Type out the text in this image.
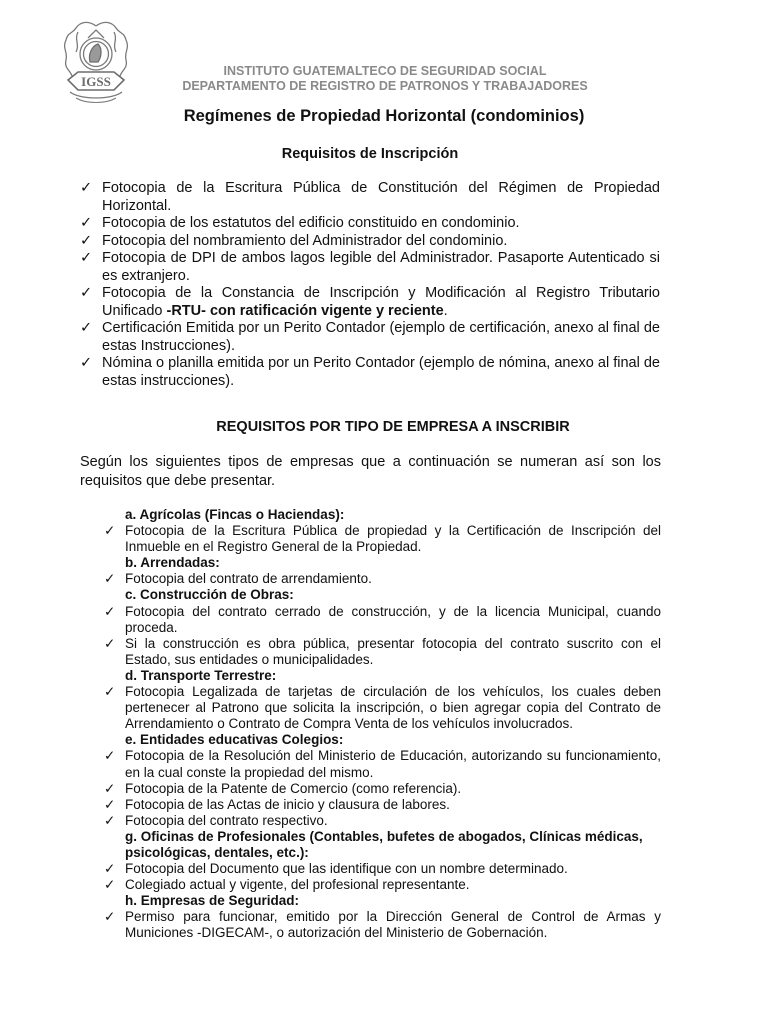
IGSS
INSTITUTO GUATEMALTECO DE SEGURIDAD SOCIAL
DEPARTAMENTO DE REGISTRO DE PATRONOS Y TRABAJADORES
Regímenes de Propiedad Horizontal (condominios)
Requisitos de Inscripción
✓ Fotocopia de la Escritura Pública de Constitución del Régimen de Propiedad Horizontal.
✓ Fotocopia de los estatutos del edificio constituido en condominio.
✓ Fotocopia del nombramiento del Administrador del condominio.
✓ Fotocopia de DPI de ambos lagos legible del Administrador. Pasaporte Autenticado si es extranjero.
✓ Fotocopia de la Constancia de Inscripción y Modificación al Registro Tributario Unificado -RTU- con ratificación vigente y reciente.
✓ Certificación Emitida por un Perito Contador (ejemplo de certificación, anexo al final de estas Instrucciones).
✓ Nómina o planilla emitida por un Perito Contador (ejemplo de nómina, anexo al final de estas instrucciones).
REQUISITOS POR TIPO DE EMPRESA A INSCRIBIR

Según los siguientes tipos de empresas que a continuación se numeran así son los requisitos que debe presentar.

a. Agrícolas (Fincas o Haciendas):
✓ Fotocopia de la Escritura Pública de propiedad y la Certificación de Inscripción del Inmueble en el Registro General de la Propiedad.
b. Arrendadas:
✓ Fotocopia del contrato de arrendamiento.
c. Construcción de Obras:
✓ Fotocopia del contrato cerrado de construcción, y de la licencia Municipal, cuando proceda.
✓ Si la construcción es obra pública, presentar fotocopia del contrato suscrito con el Estado, sus entidades o municipalidades.
d. Transporte Terrestre:
✓ Fotocopia Legalizada de tarjetas de circulación de los vehículos, los cuales deben pertenecer al Patrono que solicita la inscripción, o bien agregar copia del Contrato de Arrendamiento o Contrato de Compra Venta de los vehículos involucrados.
e. Entidades educativas Colegios:
✓ Fotocopia de la Resolución del Ministerio de Educación, autorizando su funcionamiento, en la cual conste la propiedad del mismo.
✓ Fotocopia de la Patente de Comercio (como referencia).
✓ Fotocopia de las Actas de inicio y clausura de labores.
✓ Fotocopia del contrato respectivo.
g. Oficinas de Profesionales (Contables, bufetes de abogados, Clínicas médicas, psicológicas, dentales, etc.):
✓ Fotocopia del Documento que las identifique con un nombre determinado.
✓ Colegiado actual y vigente, del profesional representante.
h. Empresas de Seguridad:
✓ Permiso para funcionar, emitido por la Dirección General de Control de Armas y Municiones -DIGECAM-, o autorización del Ministerio de Gobernación.
